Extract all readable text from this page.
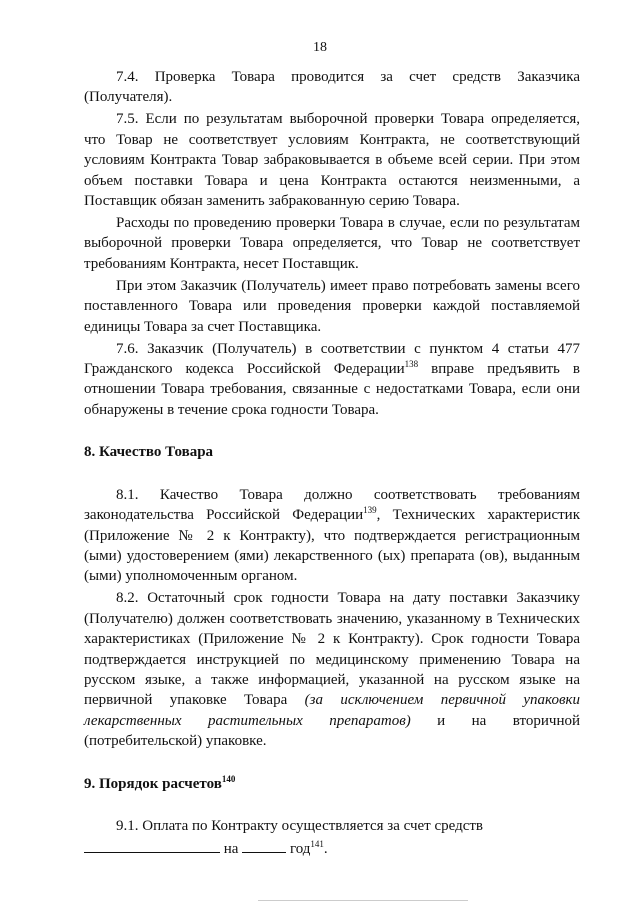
18

7.4. Проверка Товара проводится за счет средств Заказчика (Получателя).

7.5. Если по результатам выборочной проверки Товара определяется, что Товар не соответствует условиям Контракта, не соответствующий условиям Контракта Товар забраковывается в объеме всей серии. При этом объем поставки Товара и цена Контракта остаются неизменными, а Поставщик обязан заменить забракованную серию Товара.

Расходы по проведению проверки Товара в случае, если по результатам выборочной проверки Товара определяется, что Товар не соответствует требованиям Контракта, несет Поставщик.

При этом Заказчик (Получатель) имеет право потребовать замены всего поставленного Товара или проведения проверки каждой поставляемой единицы Товара за счет Поставщика.

7.6. Заказчик (Получатель) в соответствии с пунктом 4 статьи 477 Гражданского кодекса Российской Федерации$^{138}$ вправе предъявить в отношении Товара требования, связанные с недостатками Товара, если они обнаружены в течение срока годности Товара.

8. Качество Товара

8.1. Качество Товара должно соответствовать требованиям законодательства Российской Федерации$^{139}$, Технических характеристик (Приложение № 2 к Контракту), что подтверждается регистрационным (ыми) удостоверением (ями) лекарственного (ых) препарата (ов), выданным (ыми) уполномоченным органом.

8.2. Остаточный срок годности Товара на дату поставки Заказчику (Получателю) должен соответствовать значению, указанному в Технических характеристиках (Приложение № 2 к Контракту). Срок годности Товара подтверждается инструкцией по медицинскому применению Товара на русском языке, а также информацией, указанной на русском языке на первичной упаковке Товара (за исключением первичной упаковки лекарственных растительных препаратов) и на вторичной (потребительской) упаковке.

9. Порядок расчетов$^{140}$

9.1. Оплата по Контракту осуществляется за счет средств

на	год$^{141}$.
